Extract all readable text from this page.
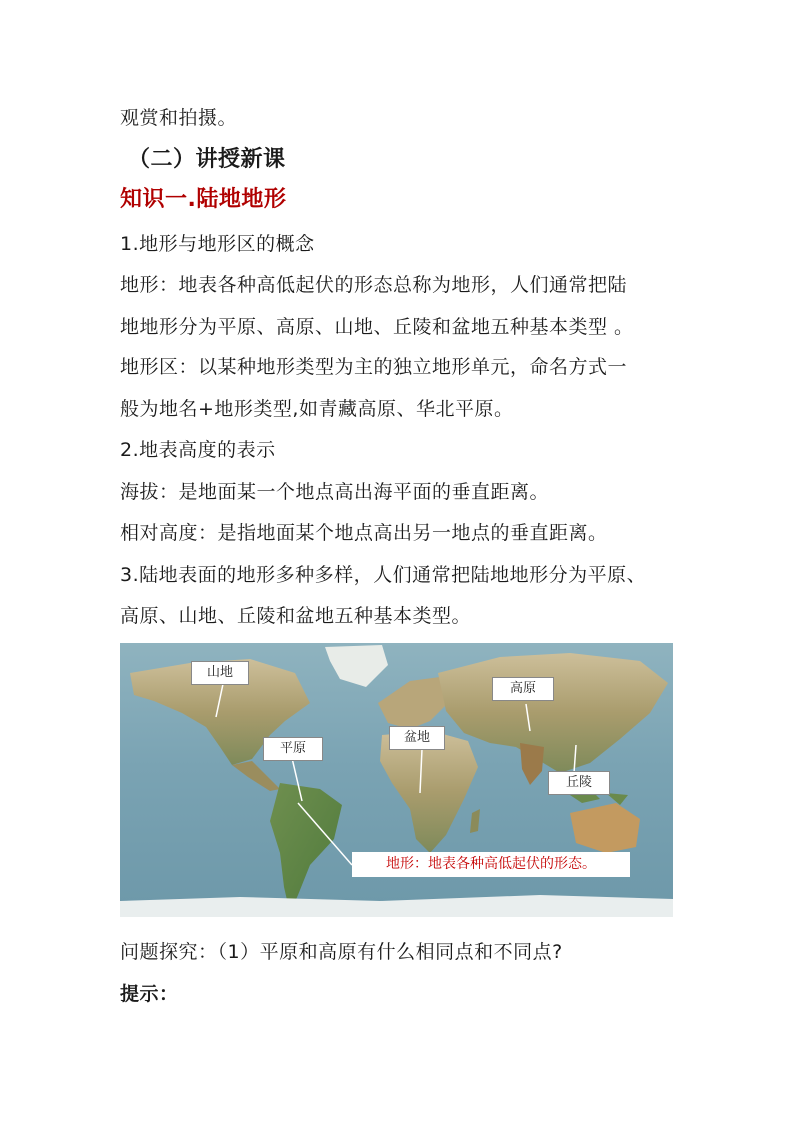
观赏和拍摄。
（二）讲授新课
知识一.陆地地形
1.地形与地形区的概念
地形：地表各种高低起伏的形态总称为地形，人们通常把陆
地地形分为平原、高原、山地、丘陵和盆地五种基本类型 。
地形区：以某种地形类型为主的独立地形单元，命名方式一
般为地名+地形类型,如青藏高原、华北平原。
2.地表高度的表示
海拔：是地面某一个地点高出海平面的垂直距离。
相对高度：是指地面某个地点高出另一地点的垂直距离。
3.陆地表面的地形多种多样，人们通常把陆地地形分为平原、
高原、山地、丘陵和盆地五种基本类型。
山地
高原
盆地
平原
丘陵
地形：地表各种高低起伏的形态。
问题探究：（1）平原和高原有什么相同点和不同点?
提示：
